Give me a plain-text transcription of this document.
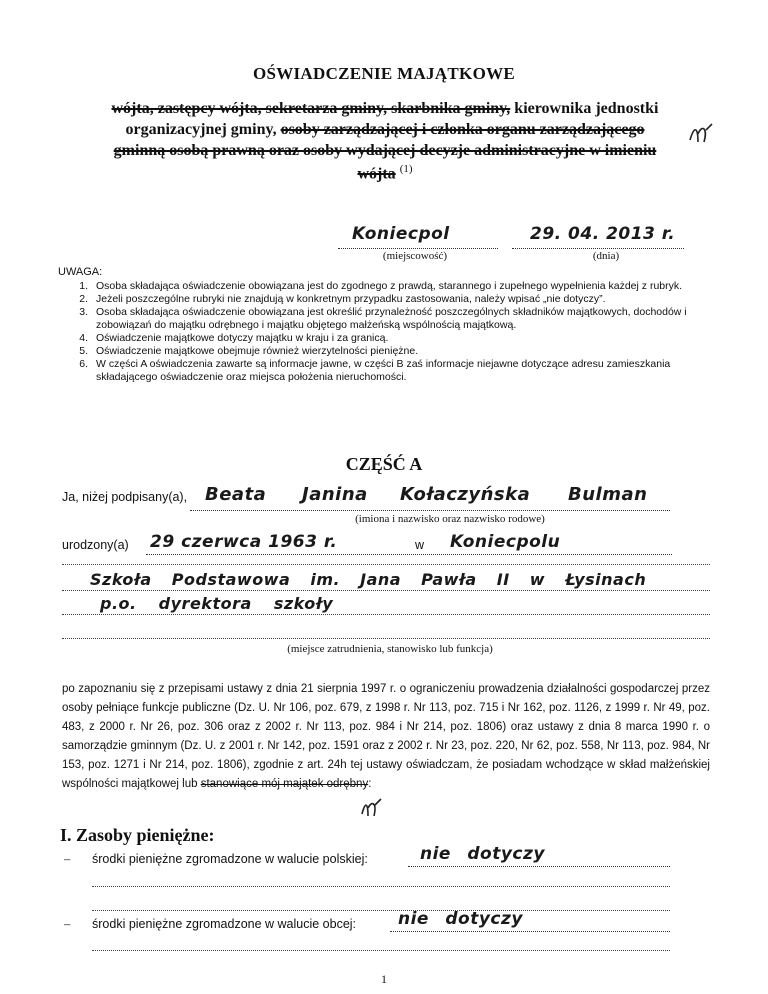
OŚWIADCZENIE MAJĄTKOWE
wójta, zastępcy wójta, sekretarza gminy, skarbnika gminy, kierownika jednostki
organizacyjnej gminy, osoby zarządzającej i członka organu zarządzającego
gminną osobą prawną oraz osoby wydającej decyzje administracyjne w imieniu
wójta $^{(1)}$
Koniecpol	29. 04. 2013 r.
(miejscowość)	(dnia)
UWAGA:
1. Osoba składająca oświadczenie obowiązana jest do zgodnego z prawdą, starannego i zupełnego wypełnienia każdej z rubryk.
2. Jeżeli poszczególne rubryki nie znajdują w konkretnym przypadku zastosowania, należy wpisać „nie dotyczy”.
3. Osoba składająca oświadczenie obowiązana jest określić przynależność poszczególnych składników majątkowych, dochodów i zobowiązań do majątku odrębnego i majątku objętego małżeńską wspólnością majątkową.
4. Oświadczenie majątkowe dotyczy majątku w kraju i za granicą.
5. Oświadczenie majątkowe obejmuje również wierzytelności pieniężne.
6. W części A oświadczenia zawarte są informacje jawne, w części B zaś informacje niejawne dotyczące adresu zamieszkania składającego oświadczenie oraz miejsca położenia nieruchomości.
CZĘŚĆ A
Ja, niżej podpisany(a), Beata Janina Kołaczyńska Bulman
(imiona i nazwisko oraz nazwisko rodowe)
urodzony(a) 29 czerwca 1963 r.	w Koniecpolu
Szkoła Podstawowa im. Jana Pawła II w Łysinach
p.o. dyrektora szkoły
(miejsce zatrudnienia, stanowisko lub funkcja)
po zapoznaniu się z przepisami ustawy z dnia 21 sierpnia 1997 r. o ograniczeniu prowadzenia działalności gospodarczej przez osoby pełniące funkcje publiczne (Dz. U. Nr 106, poz. 679, z 1998 r. Nr 113, poz. 715 i Nr 162, poz. 1126, z 1999 r. Nr 49, poz. 483, z 2000 r. Nr 26, poz. 306 oraz z 2002 r. Nr 113, poz. 984 i Nr 214, poz. 1806) oraz ustawy z dnia 8 marca 1990 r. o samorządzie gminnym (Dz. U. z 2001 r. Nr 142, poz. 1591 oraz z 2002 r. Nr 23, poz. 220, Nr 62, poz. 558, Nr 113, poz. 984, Nr 153, poz. 1271 i Nr 214, poz. 1806), zgodnie z art. 24h tej ustawy oświadczam, że posiadam wchodzące w skład małżeńskiej wspólności majątkowej lub stanowiące mój majątek odrębny:
I. Zasoby pieniężne:
– środki pieniężne zgromadzone w walucie polskiej:	nie dotyczy
– środki pieniężne zgromadzone w walucie obcej: nie dotyczy
1
